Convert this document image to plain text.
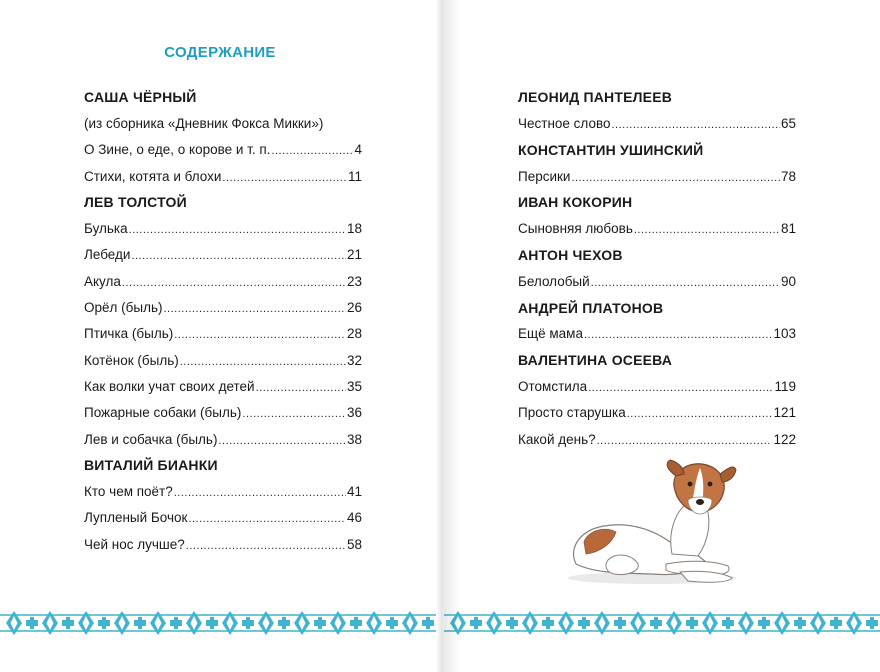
СОДЕРЖАНИЕ
САША ЧЁРНЫЙ
(из сборника «Дневник Фокса Микки»)
О Зине, о еде, о корове и т. п. .....	4
Стихи, котята и блохи .....	11
ЛЕВ ТОЛСТОЙ
Булька .....	18
Лебеди .....	21
Акула .....	23
Орёл (быль) .....	26
Птичка (быль) .....	28
Котёнок (быль) .....	32
Как волки учат своих детей .....	35
Пожарные собаки (быль) .....	36
Лев и собачка (быль) .....	38
ВИТАЛИЙ БИАНКИ
Кто чем поёт? .....	41
Лупленый Бочок .....	46
Чей нос лучше? .....	58
ЛЕОНИД ПАНТЕЛЕЕВ
Честное слово .....	65
КОНСТАНТИН УШИНСКИЙ
Персики .....	78
ИВАН КОКОРИН
Сыновняя любовь .....	81
АНТОН ЧЕХОВ
Белолобый .....	90
АНДРЕЙ ПЛАТОНОВ
Ещё мама .....	103
ВАЛЕНТИНА ОСЕЕВА
Отомстила .....	119
Просто старушка .....	121
Какой день? .....	122
